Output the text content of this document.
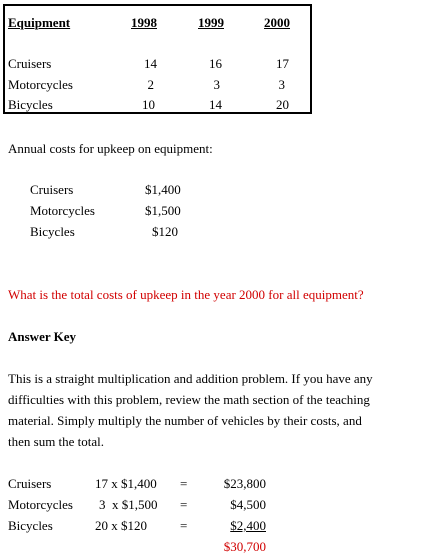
Equipment	1998	1999	2000
Cruisers	14	16	17
Motorcycles	2	3	3
Bicycles	10	14	20
Annual costs for upkeep on equipment:
Cruisers	$1,400
Motorcycles	$1,500
Bicycles	$120
What is the total costs of upkeep in the year 2000 for all equipment?
Answer Key
This is a straight multiplication and addition problem. If you have any
difficulties with this problem, review the math section of the teaching
material. Simply multiply the number of vehicles by their costs, and
then sum the total.
Cruisers	17 x $1,400 =	$23,800
Motorcycles 3  x $1,500 =	$4,500
Bicycles	20 x $120	=	$2,400
$30,700
